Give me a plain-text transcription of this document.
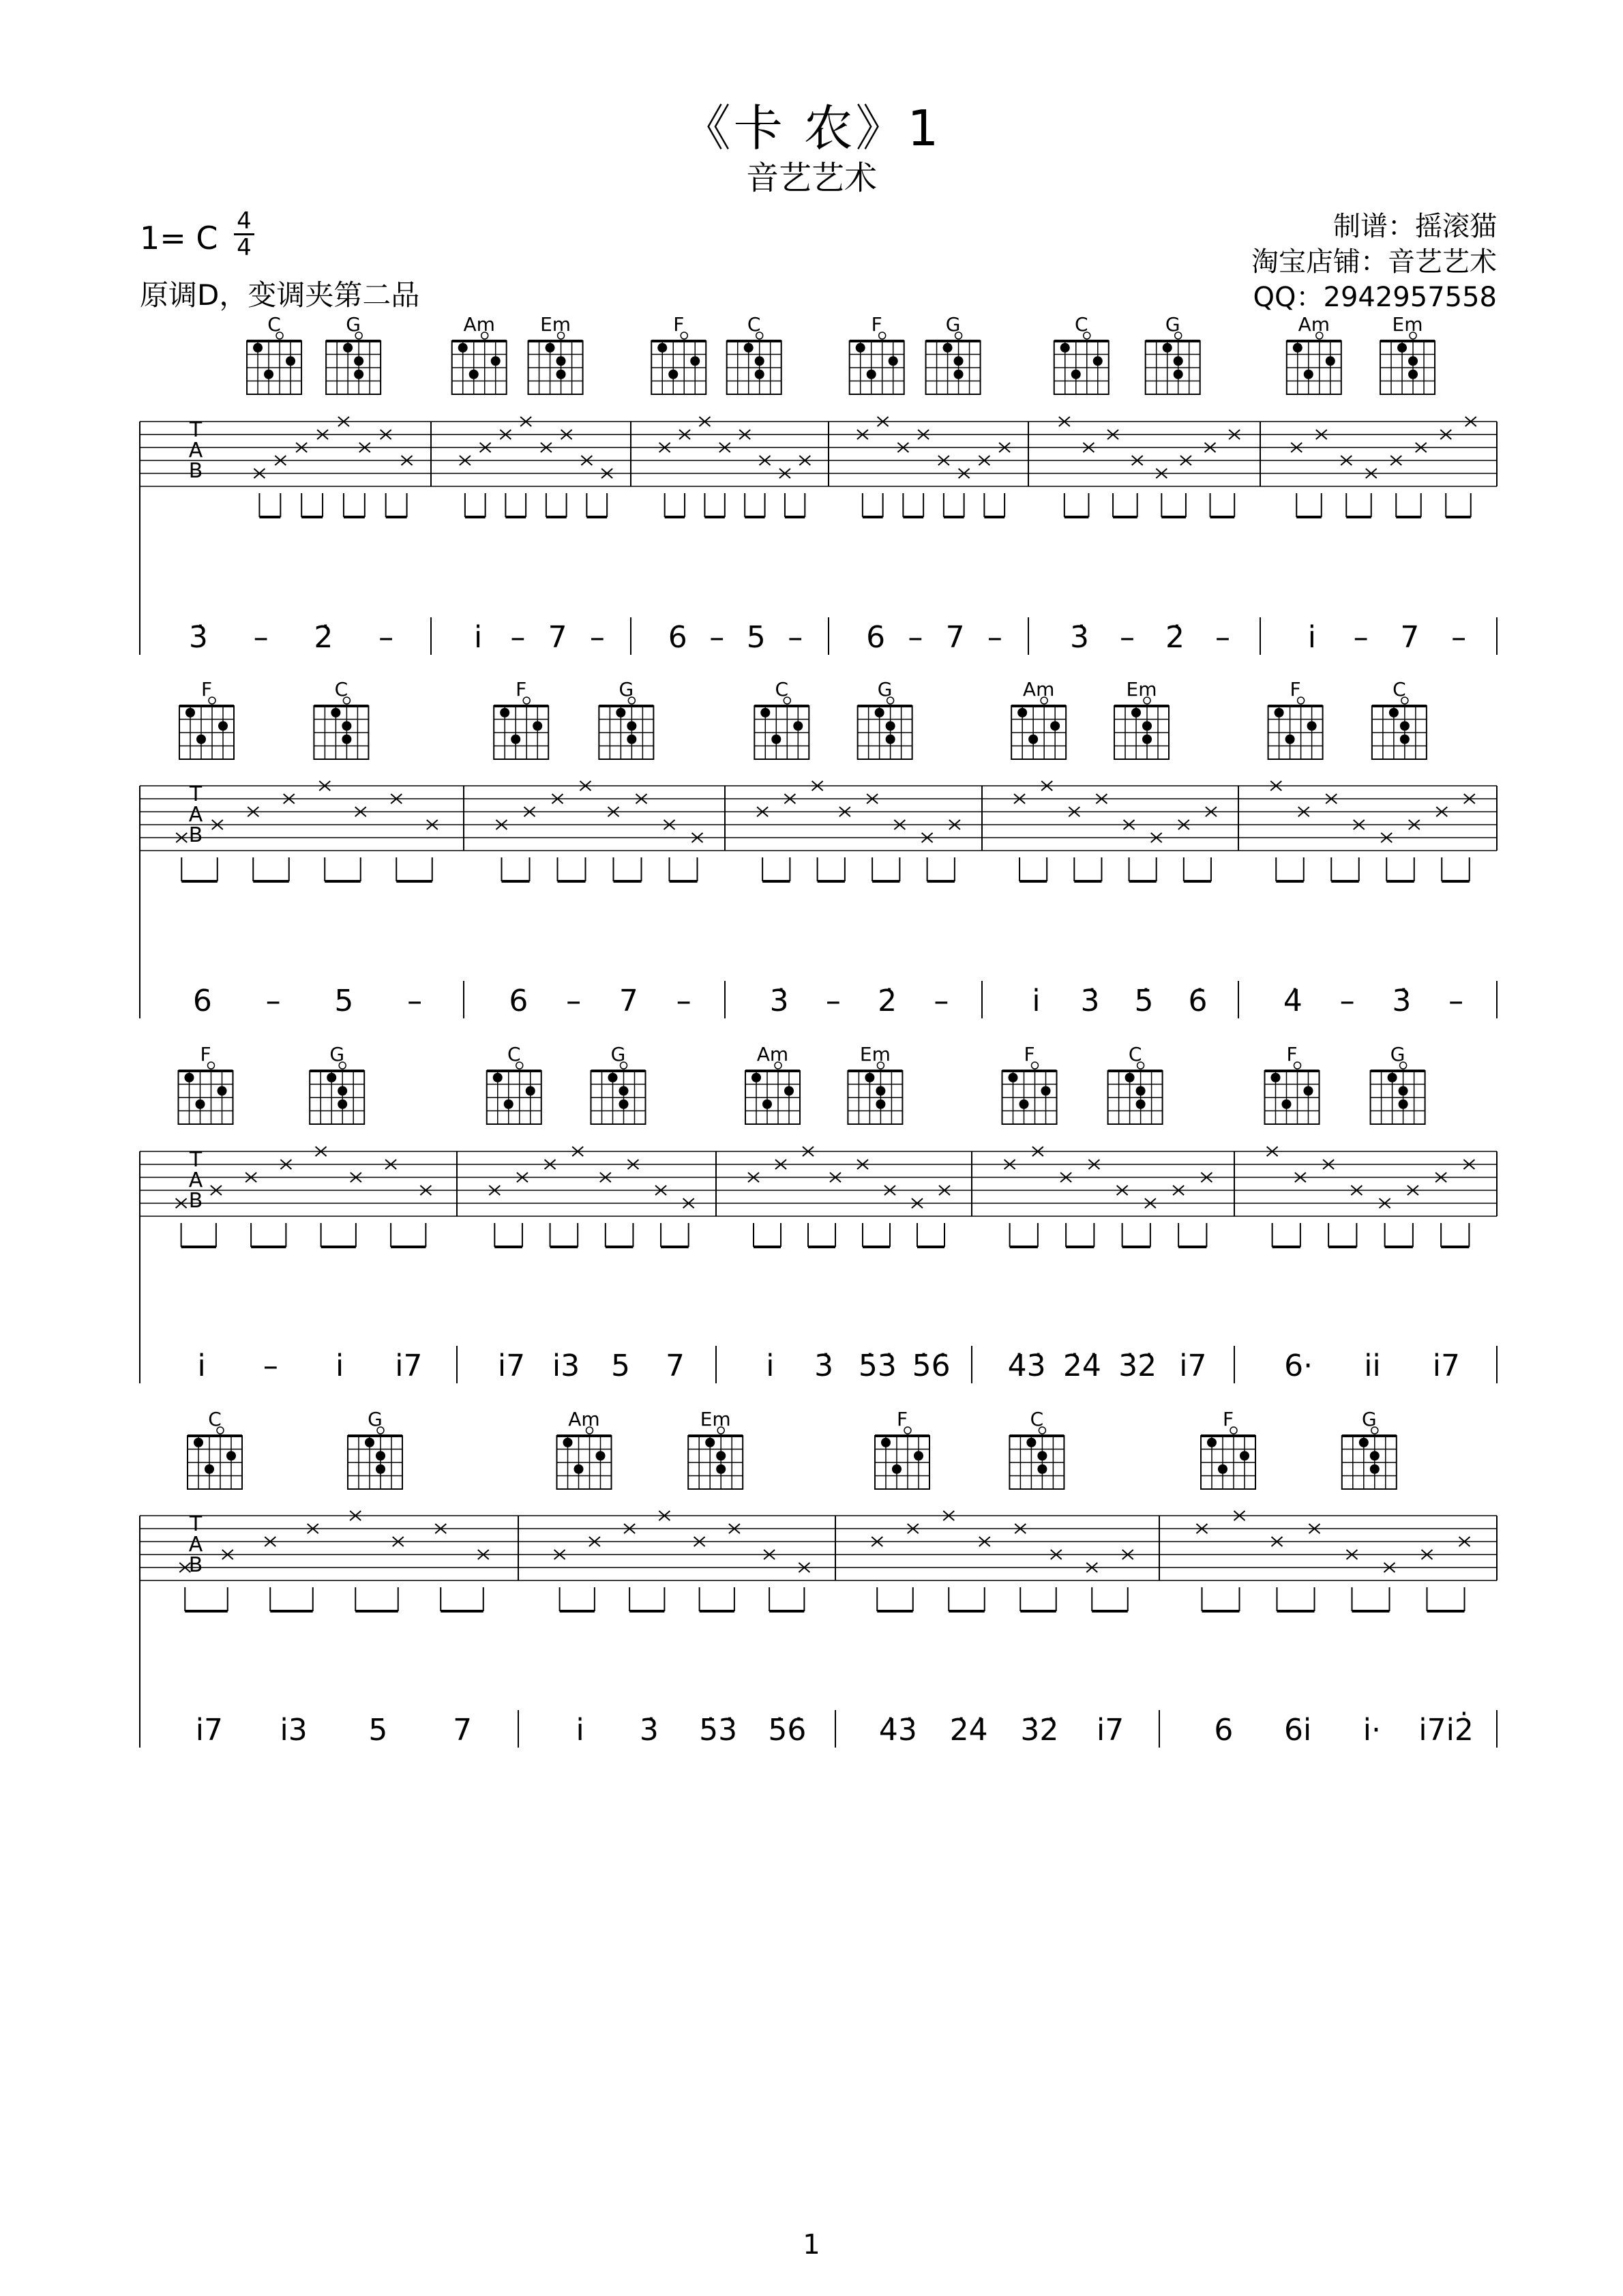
《卡 农》1
音艺艺术
1= C 4
4
原调D，变调夹第二品
制谱：摇滚猫
淘宝店铺：音艺艺术
QQ：2942957558
T
A
B
C	G
3̇ – 2̇ –
Am Em
i̇ – 7 –
F	C
6 – 5 –
F	G
6 – 7 –
C	G
3̇ – 2̇ –
Am	Em
i̇ – 7 –
T
A
B
F	C
6 – 5 –
F	G
6 – 7 –
C	G
3̇ – 2̇ –
Am	Em
i̇ 3̇ 5̇ 6̇
F	C
4̇ – 3̇ –
T
A
B
F	G
i̇ – i̇ i̇7
C	G
i̇7 i̇3 5 7
Am	Em
i̇ 3̇ 5̇3̇ 5̇6̇
F	C
4̇3̇ 2̇4̇ 3̇2̇ i̇7
F	G
6· i̇i̇ i̇7
T
A
B
C	G
i̇7 i̇3 5 7
Am	Em
i̇ 3̇ 5̇3̇ 5̇6̇
F	C
4̇3̇ 2̇4̇ 3̇2̇ i̇7
F	G
6 6i̇ i̇· i̇7i̇2̇
1
